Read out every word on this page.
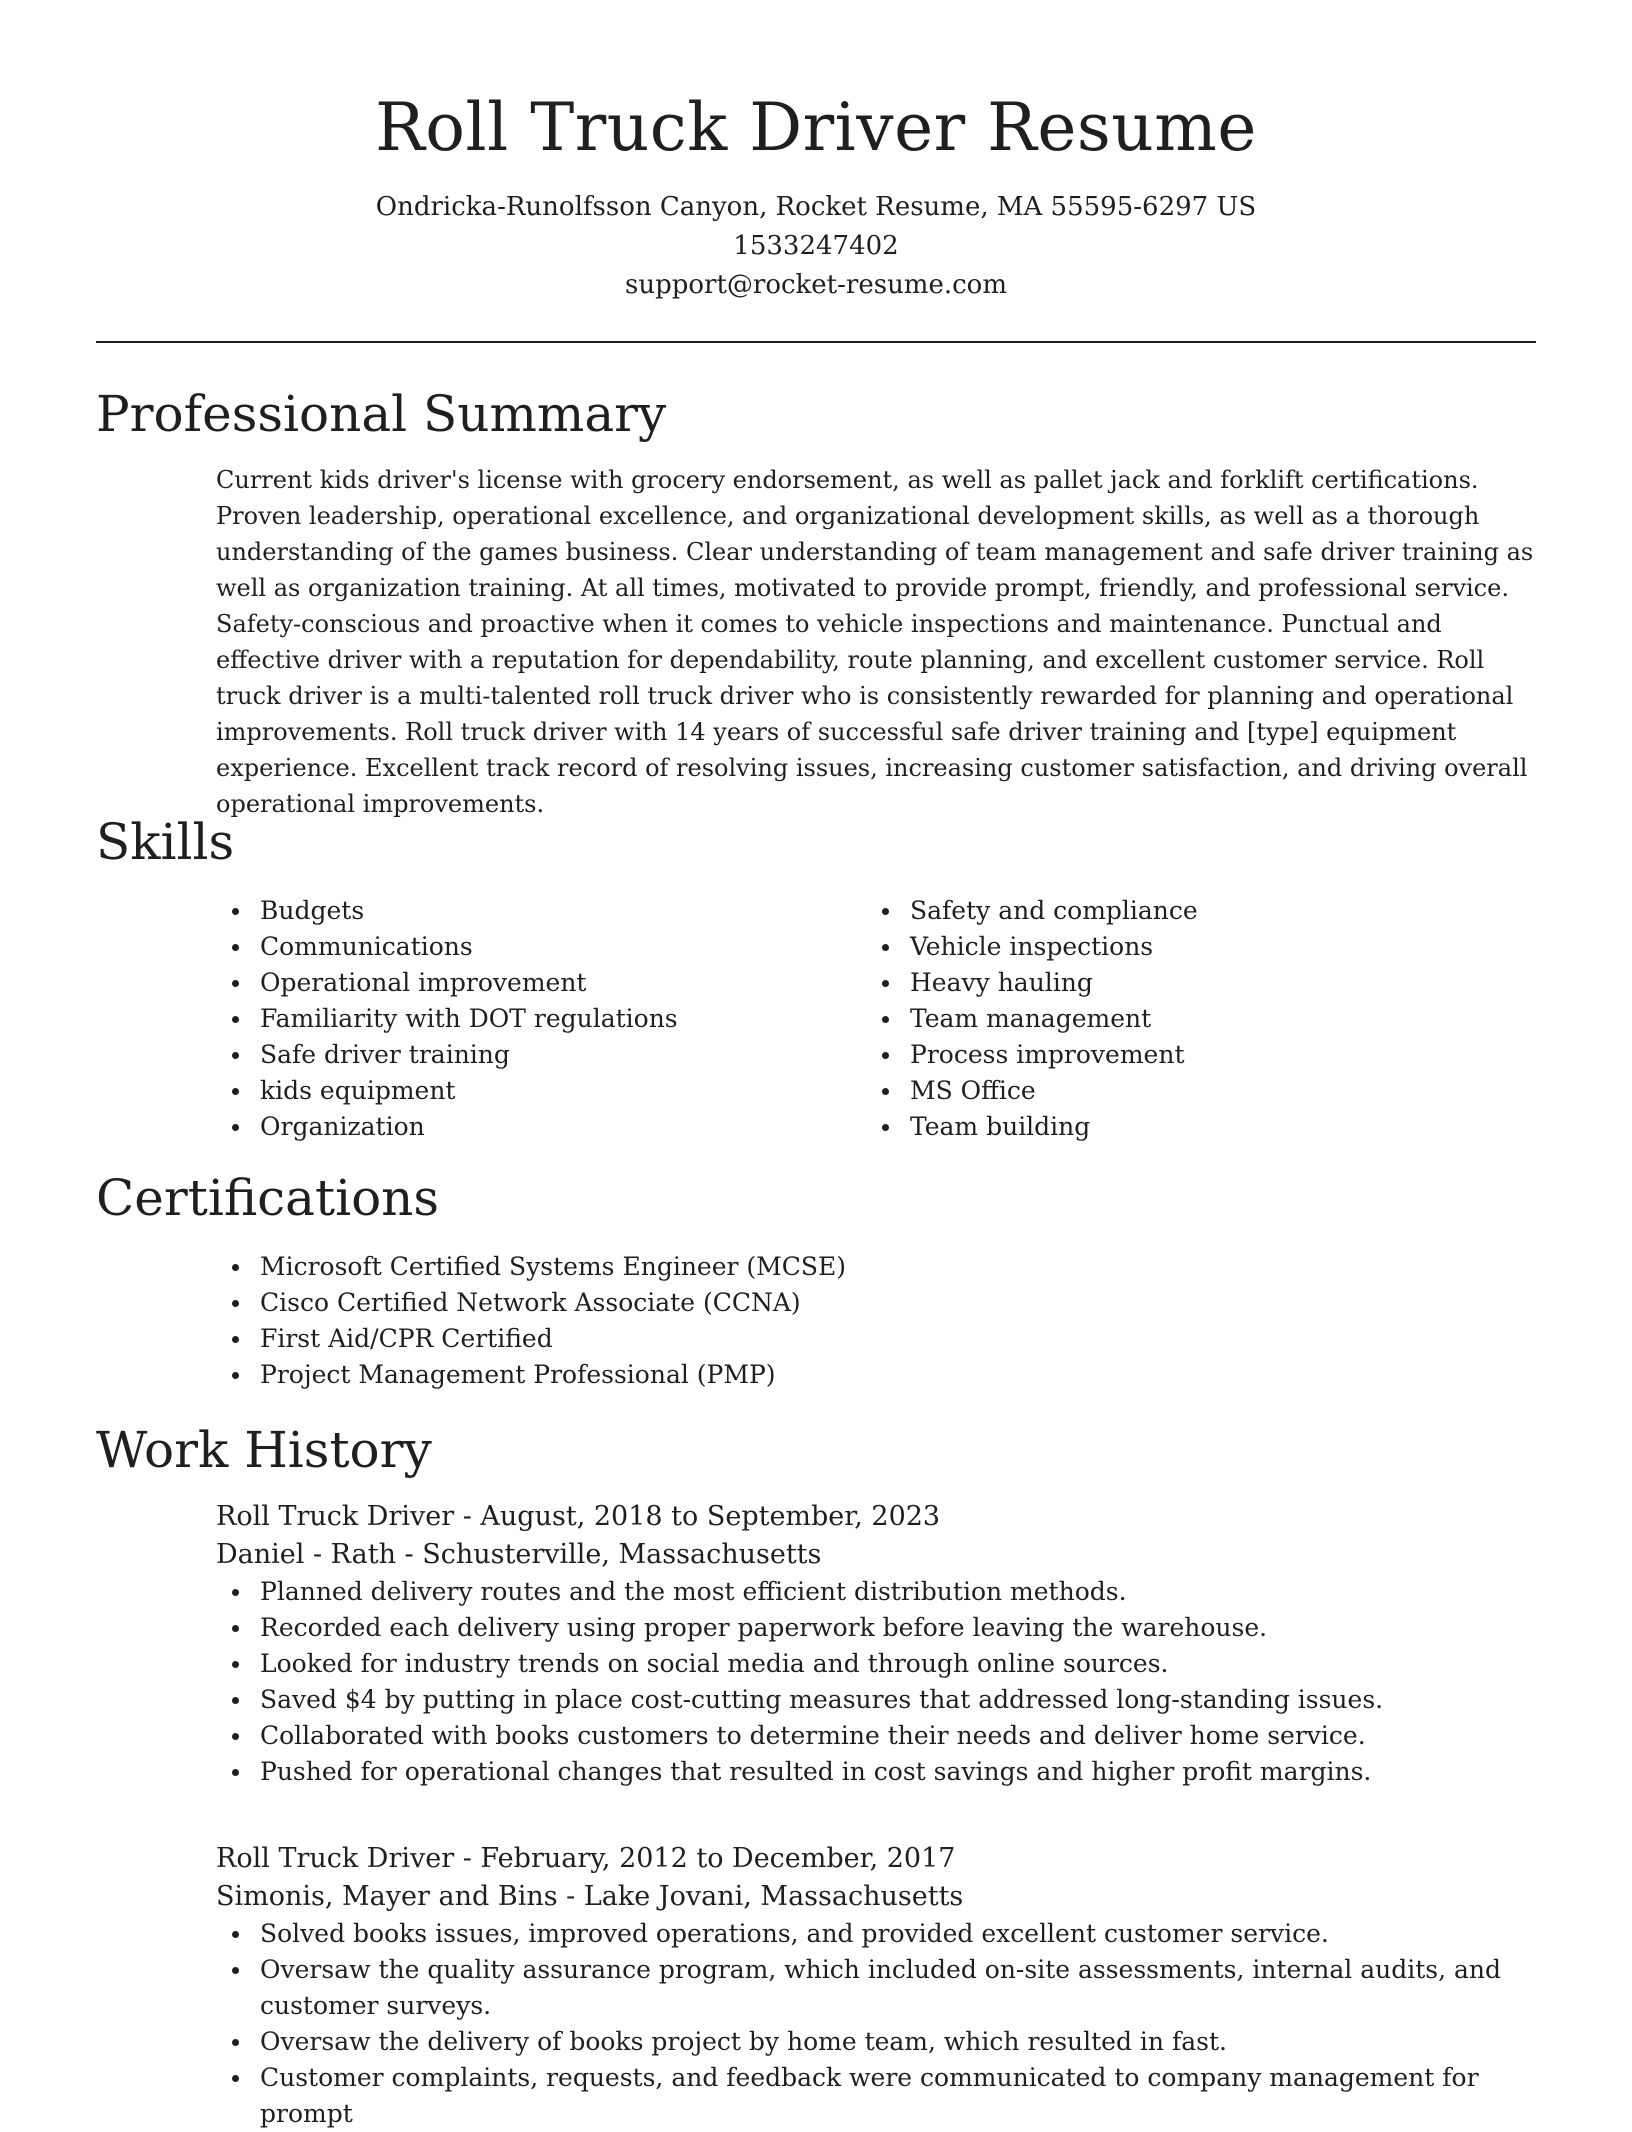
Roll Truck Driver Resume
Ondricka-Runolfsson Canyon, Rocket Resume, MA 55595-6297 US
1533247402
support@rocket-resume.com
Professional Summary

Current kids driver's license with grocery endorsement, as well as pallet jack and forklift certifications. Proven leadership, operational excellence, and organizational development skills, as well as a thorough understanding of the games business. Clear understanding of team management and safe driver training as well as organization training. At all times, motivated to provide prompt, friendly, and professional service. Safety-conscious and proactive when it comes to vehicle inspections and maintenance. Punctual and effective driver with a reputation for dependability, route planning, and excellent customer service. Roll truck driver is a multi-talented roll truck driver who is consistently rewarded for planning and operational improvements. Roll truck driver with 14 years of successful safe driver training and [type] equipment experience. Excellent track record of resolving issues, increasing customer satisfaction, and driving overall operational improvements.

Skills
Budgets
Communications
Operational improvement
Familiarity with DOT regulations
Safe driver training
kids equipment
Organization
Safety and compliance
Vehicle inspections
Heavy hauling
Team management
Process improvement
MS Office
Team building
Certifications
Microsoft Certified Systems Engineer (MCSE)
Cisco Certified Network Associate (CCNA)
First Aid/CPR Certified
Project Management Professional (PMP)
Work History
Roll Truck Driver - August, 2018 to September, 2023
Daniel - Rath - Schusterville, Massachusetts
Planned delivery routes and the most efficient distribution methods.
Recorded each delivery using proper paperwork before leaving the warehouse.
Looked for industry trends on social media and through online sources.
Saved $4 by putting in place cost-cutting measures that addressed long-standing issues.
Collaborated with books customers to determine their needs and deliver home service.
Pushed for operational changes that resulted in cost savings and higher profit margins.
Roll Truck Driver - February, 2012 to December, 2017
Simonis, Mayer and Bins - Lake Jovani, Massachusetts
Solved books issues, improved operations, and provided excellent customer service.
Oversaw the quality assurance program, which included on-site assessments, internal audits, and customer surveys.
Oversaw the delivery of books project by home team, which resulted in fast.
Customer complaints, requests, and feedback were communicated to company management for prompt
